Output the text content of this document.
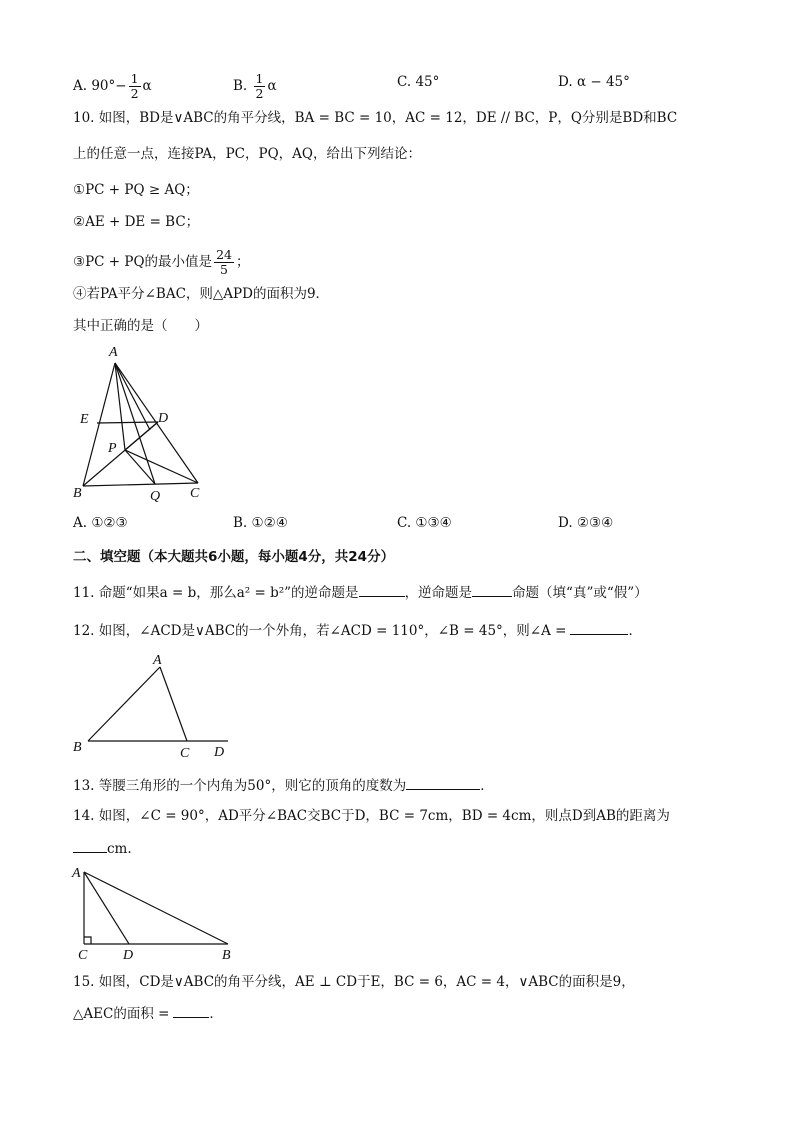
A. $90^\circ- \frac{1}{2}$ α	B. $\frac{1}{2}$ α	C. 45°	D. α − 45°
10. 如图，BD是∨ABC的角平分线，BA = BC = 10，AC = 12，DE // BC，P，Q分别是BD和BC
上的任意一点，连接PA，PC，PQ，AQ，给出下列结论：
①PC + PQ ≥ AQ；
②AE + DE = BC；
③PC + PQ的最小值是 $\frac{24}{5}$ ；
④若PA平分∠BAC，则△APD的面积为9．
其中正确的是（　　）
A
E	D
P
B	Q C
A. ①②③	B. ①②④	C. ①③④	D. ②③④
二、填空题（本大题共6小题，每小题4分，共24分）
11. 命题“如果a = b，那么a² = b²”的逆命题是	，逆命题是	命题（填“真”或“假”）
12. 如图，∠ACD是∨ABC的一个外角，若∠ACD = 110°，∠B = 45°，则∠A =	．
A
B	C D
13. 等腰三角形的一个内角为50°，则它的顶角的度数为	．
14. 如图，∠C = 90°，AD平分∠BAC交BC于D，BC = 7cm，BD = 4cm，则点D到AB的距离为
cm.
A
C	D	B
15. 如图，CD是∨ABC的角平分线，AE ⊥ CD于E，BC = 6，AC = 4，∨ABC的面积是9，
△AEC的面积 =	．
